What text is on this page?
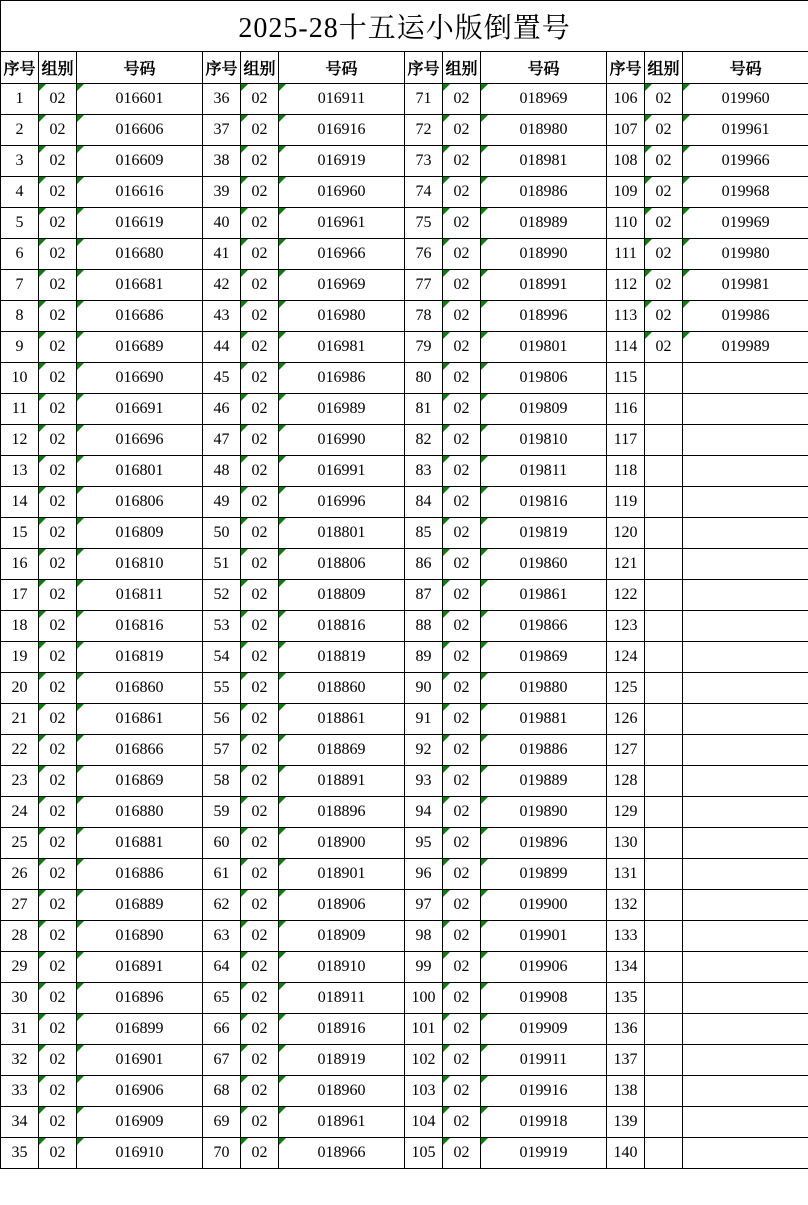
2025-28十五运小版倒置号											
序号	组别	号码	序号	组别	号码	序号	组别	号码	序号	组别	号码
1	02	016601	36	02	016911	71	02	018969	106	02	019960
2	02	016606	37	02	016916	72	02	018980	107	02	019961
3	02	016609	38	02	016919	73	02	018981	108	02	019966
4	02	016616	39	02	016960	74	02	018986	109	02	019968
5	02	016619	40	02	016961	75	02	018989	110	02	019969
6	02	016680	41	02	016966	76	02	018990	111	02	019980
7	02	016681	42	02	016969	77	02	018991	112	02	019981
8	02	016686	43	02	016980	78	02	018996	113	02	019986
9	02	016689	44	02	016981	79	02	019801	114	02	019989
10	02	016690	45	02	016986	80	02	019806	115		
11	02	016691	46	02	016989	81	02	019809	116		
12	02	016696	47	02	016990	82	02	019810	117		
13	02	016801	48	02	016991	83	02	019811	118		
14	02	016806	49	02	016996	84	02	019816	119		
15	02	016809	50	02	018801	85	02	019819	120		
16	02	016810	51	02	018806	86	02	019860	121		
17	02	016811	52	02	018809	87	02	019861	122		
18	02	016816	53	02	018816	88	02	019866	123		
19	02	016819	54	02	018819	89	02	019869	124		
20	02	016860	55	02	018860	90	02	019880	125		
21	02	016861	56	02	018861	91	02	019881	126		
22	02	016866	57	02	018869	92	02	019886	127		
23	02	016869	58	02	018891	93	02	019889	128		
24	02	016880	59	02	018896	94	02	019890	129		
25	02	016881	60	02	018900	95	02	019896	130		
26	02	016886	61	02	018901	96	02	019899	131		
27	02	016889	62	02	018906	97	02	019900	132		
28	02	016890	63	02	018909	98	02	019901	133		
29	02	016891	64	02	018910	99	02	019906	134		
30	02	016896	65	02	018911	100	02	019908	135		
31	02	016899	66	02	018916	101	02	019909	136		
32	02	016901	67	02	018919	102	02	019911	137		
33	02	016906	68	02	018960	103	02	019916	138		
34	02	016909	69	02	018961	104	02	019918	139		
35	02	016910	70	02	018966	105	02	019919	140		
